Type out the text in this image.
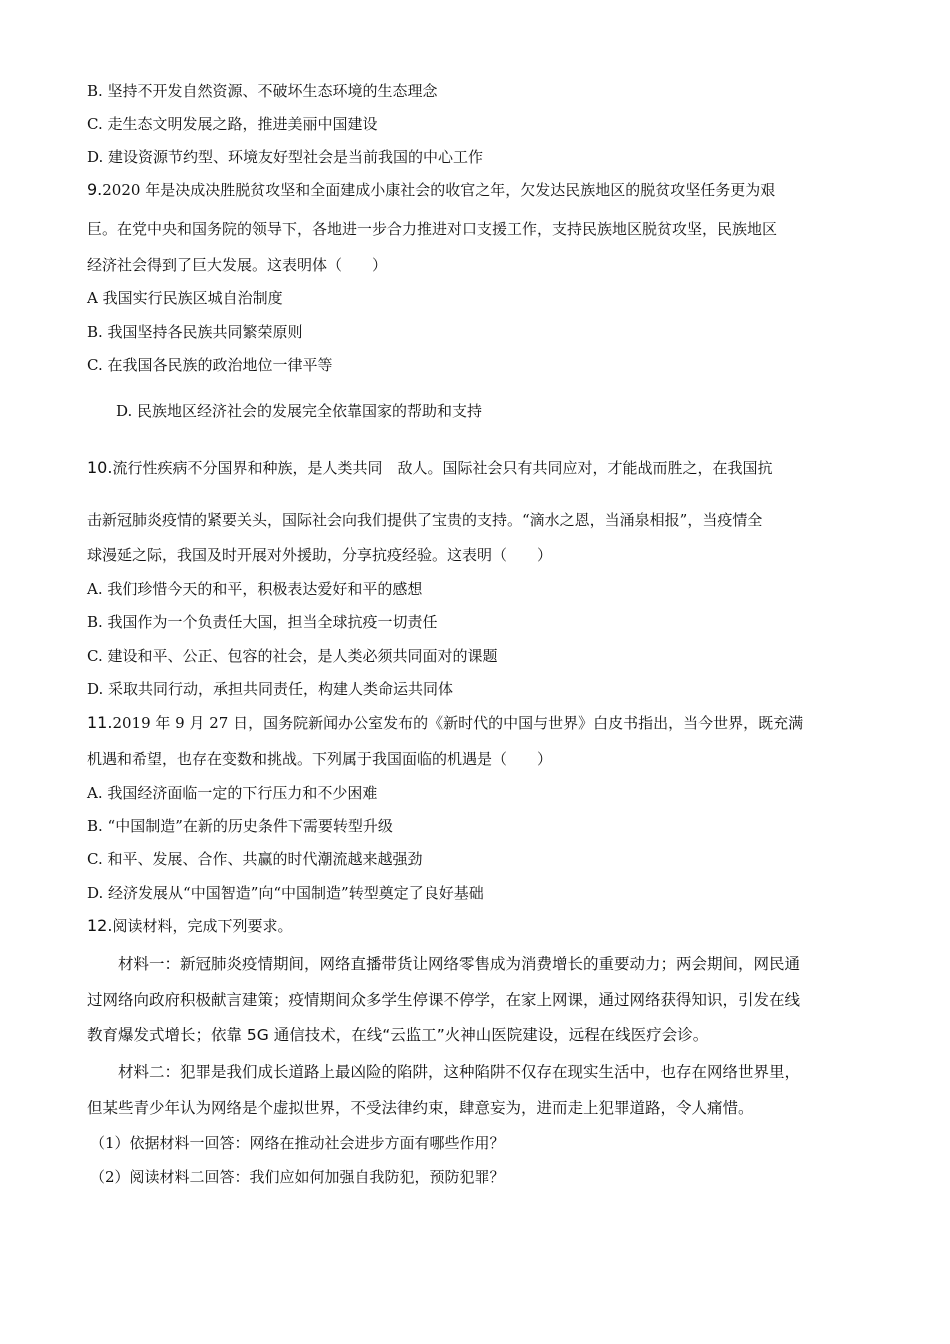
B. 坚持不开发自然资源、不破坏生态环境的生态理念
C. 走生态文明发展之路，推进美丽中国建设
D. 建设资源节约型、环境友好型社会是当前我国的中心工作
9.2020 年是决成决胜脱贫攻坚和全面建成小康社会的收官之年，欠发达民族地区的脱贫攻坚任务更为艰
巨。在党中央和国务院的领导下，各地进一步合力推进对口支援工作，支持民族地区脱贫攻坚，民族地区
经济社会得到了巨大发展。这表明体（　　）
A 我国实行民族区城自治制度
B. 我国坚持各民族共同繁荣原则
C. 在我国各民族的政治地位一律平等
D. 民族地区经济社会的发展完全依靠国家的帮助和支持
10.流行性疾病不分国界和种族，是人类共同　敌人。国际社会只有共同应对，才能战而胜之，在我国抗
击新冠肺炎疫情的紧要关头，国际社会向我们提供了宝贵的支持。“滴水之恩，当涌泉相报”，当疫情全
球漫延之际，我国及时开展对外援助，分享抗疫经验。这表明（　　）
A. 我们珍惜今天的和平，积极表达爱好和平的感想
B. 我国作为一个负责任大国，担当全球抗疫一切责任
C. 建设和平、公正、包容的社会，是人类必须共同面对的课题
D. 采取共同行动，承担共同责任，构建人类命运共同体
11.2019 年 9 月 27 日，国务院新闻办公室发布的《新时代的中国与世界》白皮书指出，当今世界，既充满
机遇和希望，也存在变数和挑战。下列属于我国面临的机遇是（　　）
A. 我国经济面临一定的下行压力和不少困难
B. “中国制造”在新的历史条件下需要转型升级
C. 和平、发展、合作、共赢的时代潮流越来越强劲
D. 经济发展从“中国智造”向“中国制造”转型奠定了良好基础
12.阅读材料，完成下列要求。
材料一：新冠肺炎疫情期间，网络直播带货让网络零售成为消费增长的重要动力；两会期间，网民通
过网络向政府积极献言建策；疫情期间众多学生停课不停学，在家上网课，通过网络获得知识，引发在线
教育爆发式增长；依靠 5G 通信技术，在线“云监工”火神山医院建设，远程在线医疗会诊。
材料二：犯罪是我们成长道路上最凶险的陷阱，这种陷阱不仅存在现实生活中，也存在网络世界里，
但某些青少年认为网络是个虚拟世界，不受法律约束，肆意妄为，进而走上犯罪道路，令人痛惜。
（1）依据材料一回答：网络在推动社会进步方面有哪些作用？
（2）阅读材料二回答：我们应如何加强自我防犯，预防犯罪？
